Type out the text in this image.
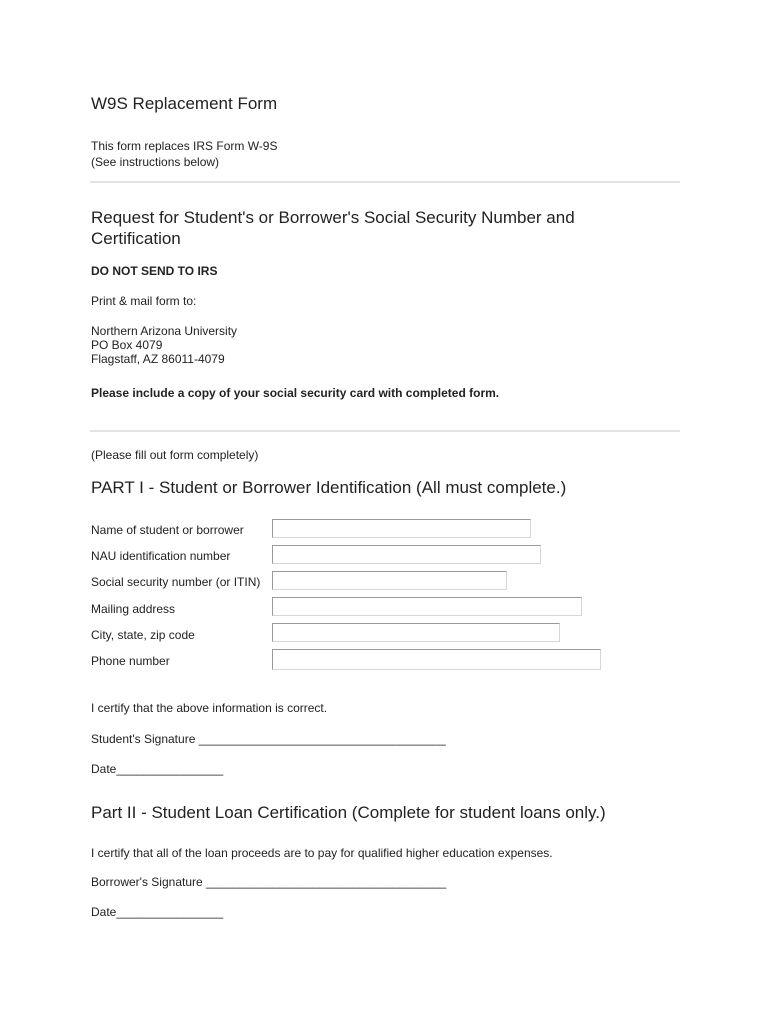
W9S Replacement Form
This form replaces IRS Form W-9S
(See instructions below)
Request for Student's or Borrower's Social Security Number and Certification
DO NOT SEND TO IRS
Print & mail form to:
Northern Arizona University
PO Box 4079
Flagstaff, AZ 86011-4079
Please include a copy of your social security card with completed form.
(Please fill out form completely)
PART I - Student or Borrower Identification (All must complete.)
Name of student or borrower
NAU identification number
Social security number (or ITIN)
Mailing address
City, state, zip code
Phone number
I certify that the above information is correct.
Student's Signature _____________________________________
Date________________
Part II - Student Loan Certification (Complete for student loans only.)
I certify that all of the loan proceeds are to pay for qualified higher education expenses.
Borrower's Signature ____________________________________
Date________________
